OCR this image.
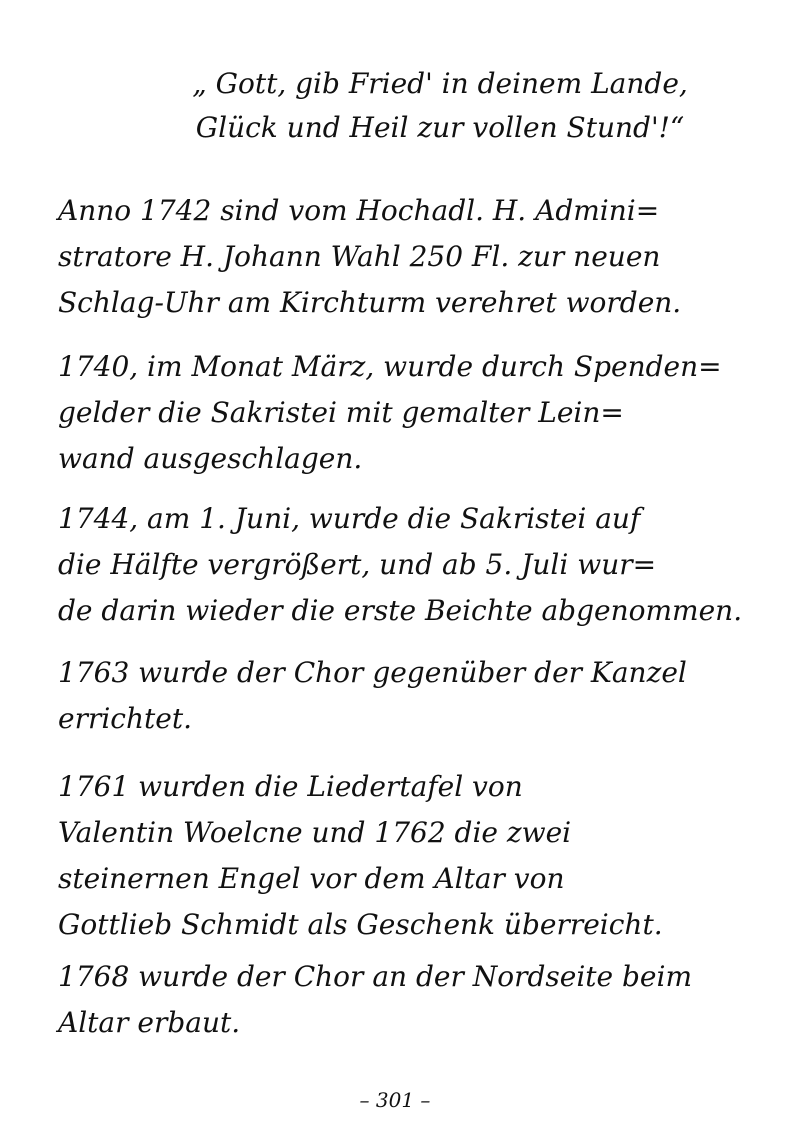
„ Gott, gib Fried' in deinem Lande,
Glück und Heil zur vollen Stund'!“
Anno 1742 sind vom Hochadl. H. Admini=
stratore H. Johann Wahl 250 Fl. zur neuen
Schlag-Uhr am Kirchturm verehret worden.
1740, im Monat März, wurde durch Spenden=
gelder die Sakristei mit gemalter Lein=
wand ausgeschlagen.
1744, am 1. Juni, wurde die Sakristei auf
die Hälfte vergrößert, und ab 5. Juli wur=
de darin wieder die erste Beichte abgenommen.
1763 wurde der Chor gegenüber der Kanzel
errichtet.
1761 wurden die Liedertafel von
Valentin Woelcne und 1762 die zwei
steinernen Engel vor dem Altar von
Gottlieb Schmidt als Geschenk überreicht.
1768 wurde der Chor an der Nordseite beim
Altar erbaut.
– 301 –
